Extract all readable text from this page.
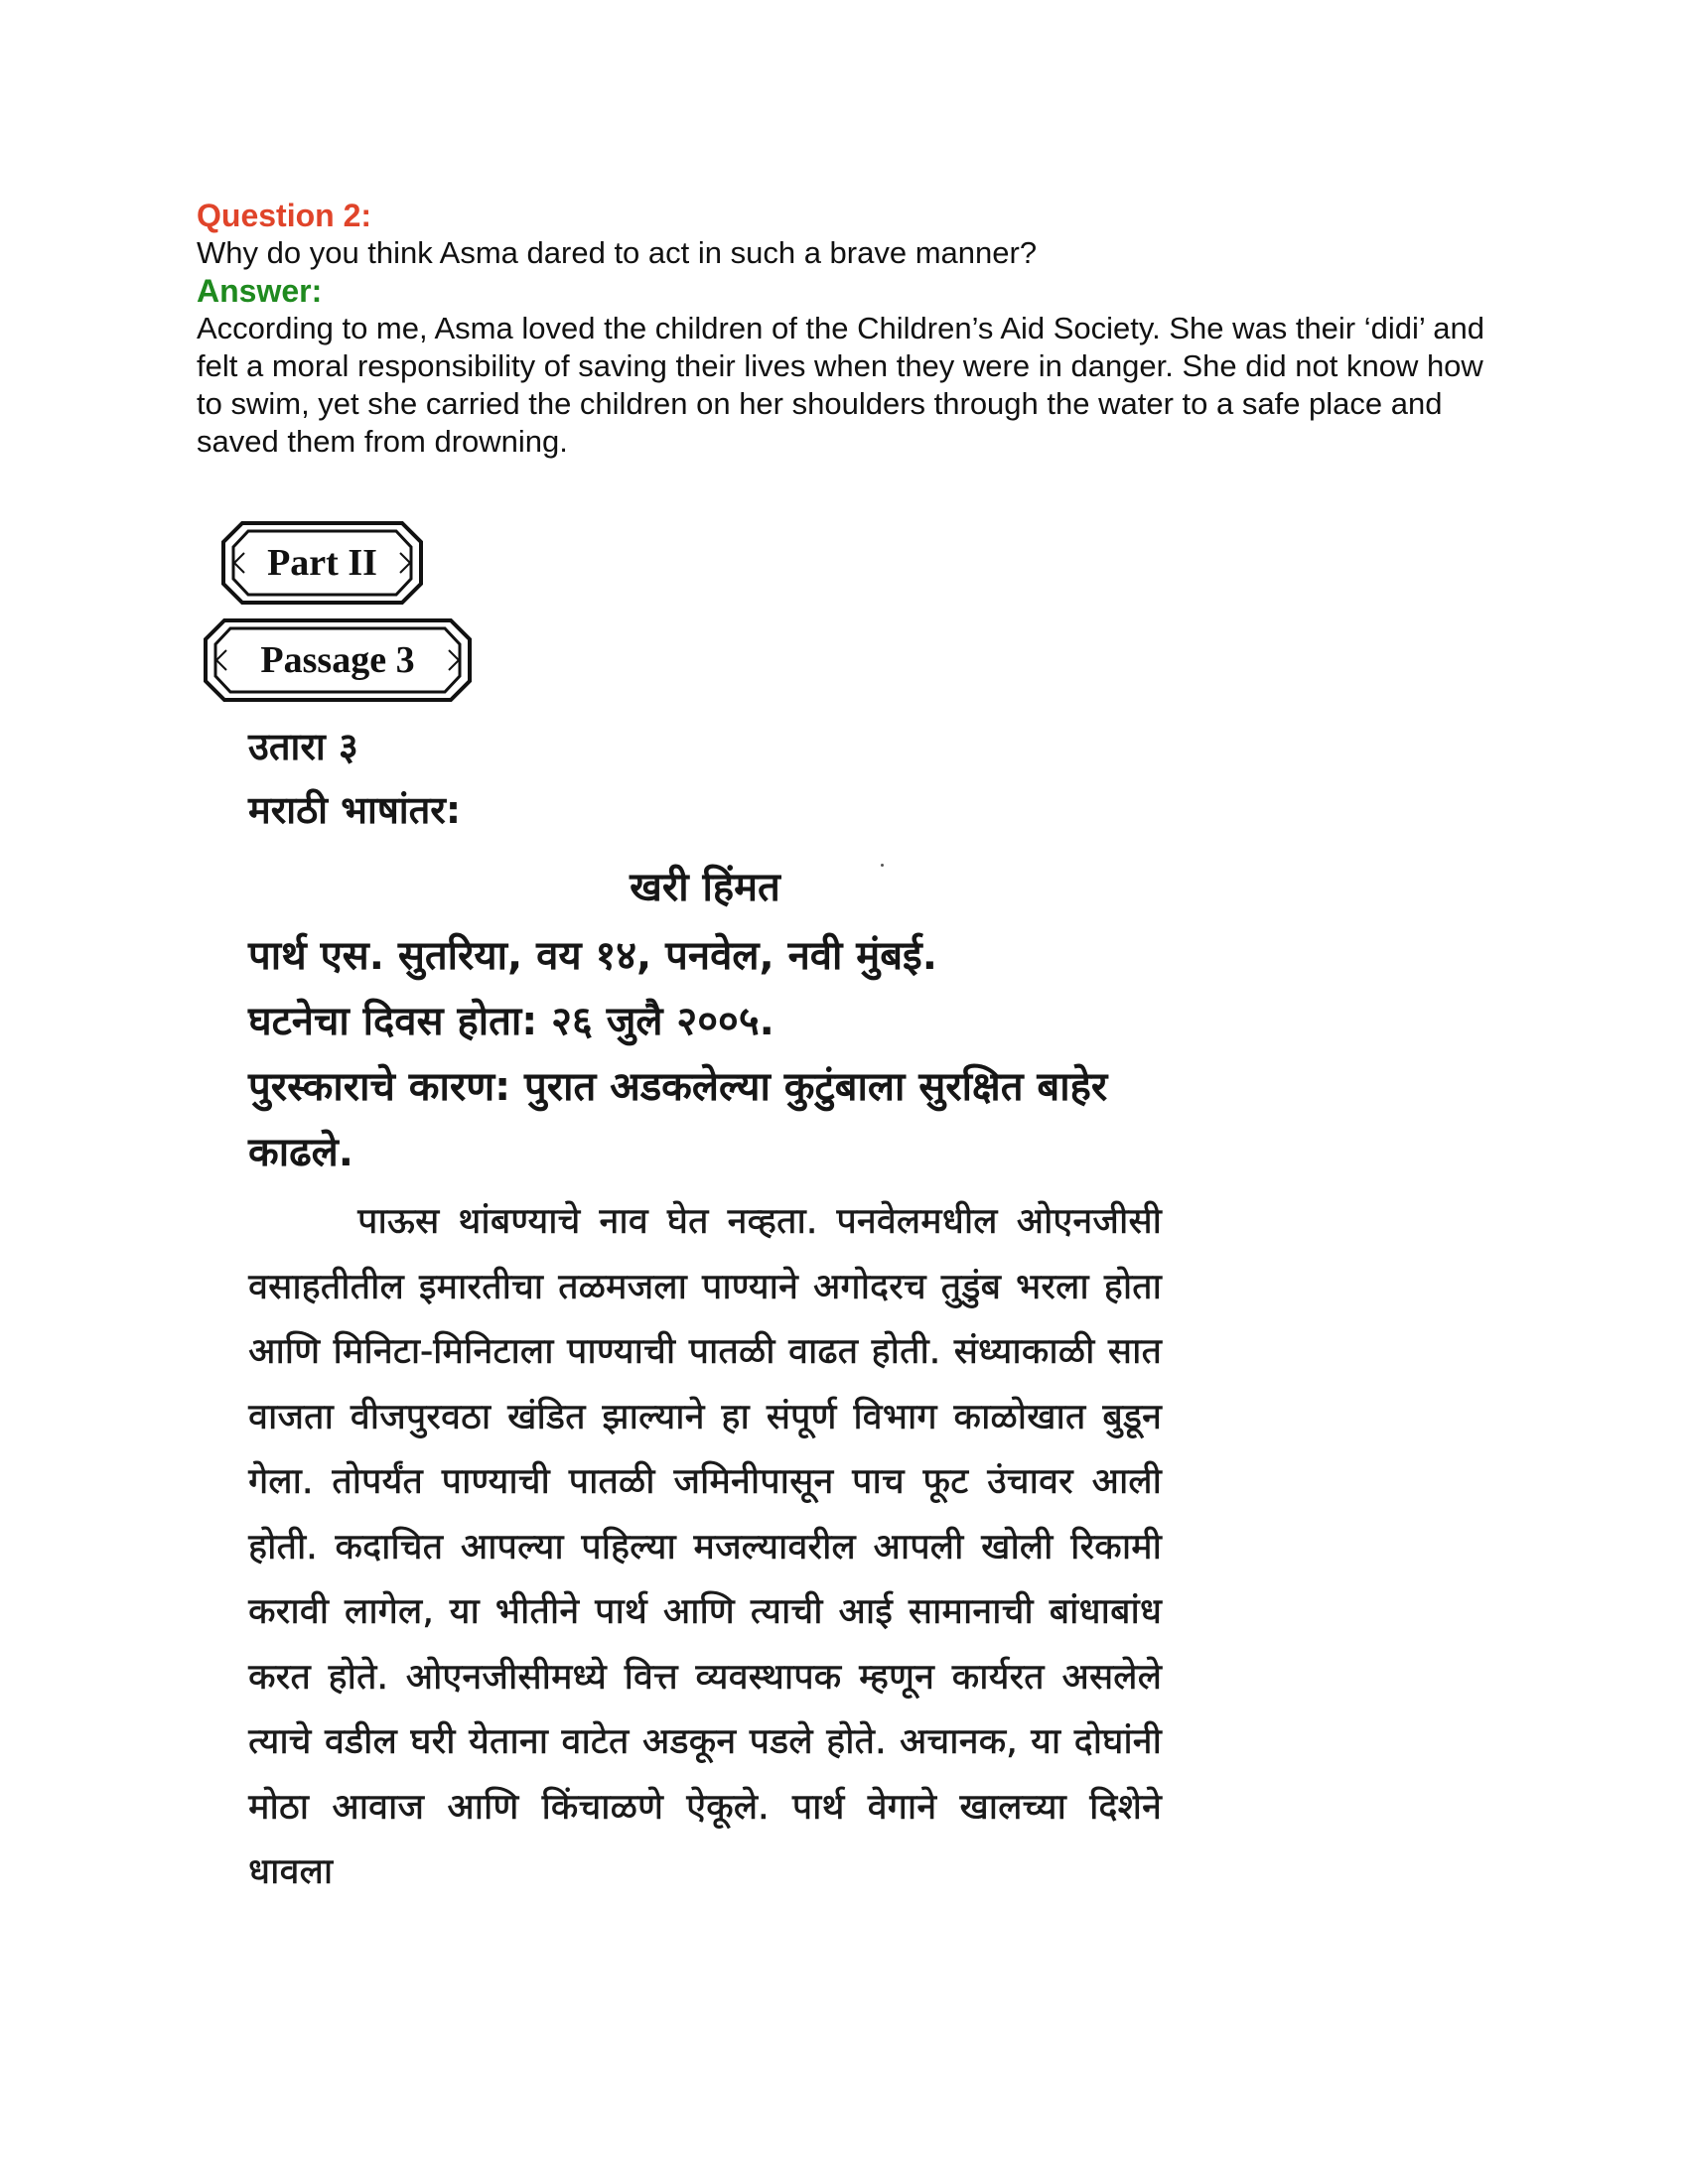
Question 2:
Why do you think Asma dared to act in such a brave manner?
Answer:
According to me, Asma loved the children of the Children’s Aid Society. She was their ‘didi’ and felt a moral responsibility of saving their lives when they were in danger. She did not know how to swim, yet she carried the children on her shoulders through the water to a safe place and saved them from drowning.
Part II
Passage 3
उतारा ३
मराठी भाषांतर:
खरी हिंमत
पार्थ एस. सुतरिया, वय १४, पनवेल, नवी मुंबई.
घटनेचा दिवस होता: २६ जुलै २००५.
पुरस्काराचे कारण: पुरात अडकलेल्या कुटुंबाला सुरक्षित बाहेर काढले.
पाऊस थांबण्याचे नाव घेत नव्हता. पनवेलमधील ओएनजीसी वसाहतीतील इमारतीचा तळमजला पाण्याने अगोदरच तुडुंब भरला होता आणि मिनिटा-मिनिटाला पाण्याची पातळी वाढत होती. संध्याकाळी सात वाजता वीजपुरवठा खंडित झाल्याने हा संपूर्ण विभाग काळोखात बुडून गेला. तोपर्यंत पाण्याची पातळी जमिनीपासून पाच फूट उंचावर आली होती. कदाचित आपल्या पहिल्या मजल्यावरील आपली खोली रिकामी करावी लागेल, या भीतीने पार्थ आणि त्याची आई सामानाची बांधाबांध करत होते. ओएनजीसीमध्ये वित्त व्यवस्थापक म्हणून कार्यरत असलेले त्याचे वडील घरी येताना वाटेत अडकून पडले होते. अचानक, या दोघांनी मोठा आवाज आणि किंचाळणे ऐकूले. पार्थ वेगाने खालच्या दिशेने धावला
